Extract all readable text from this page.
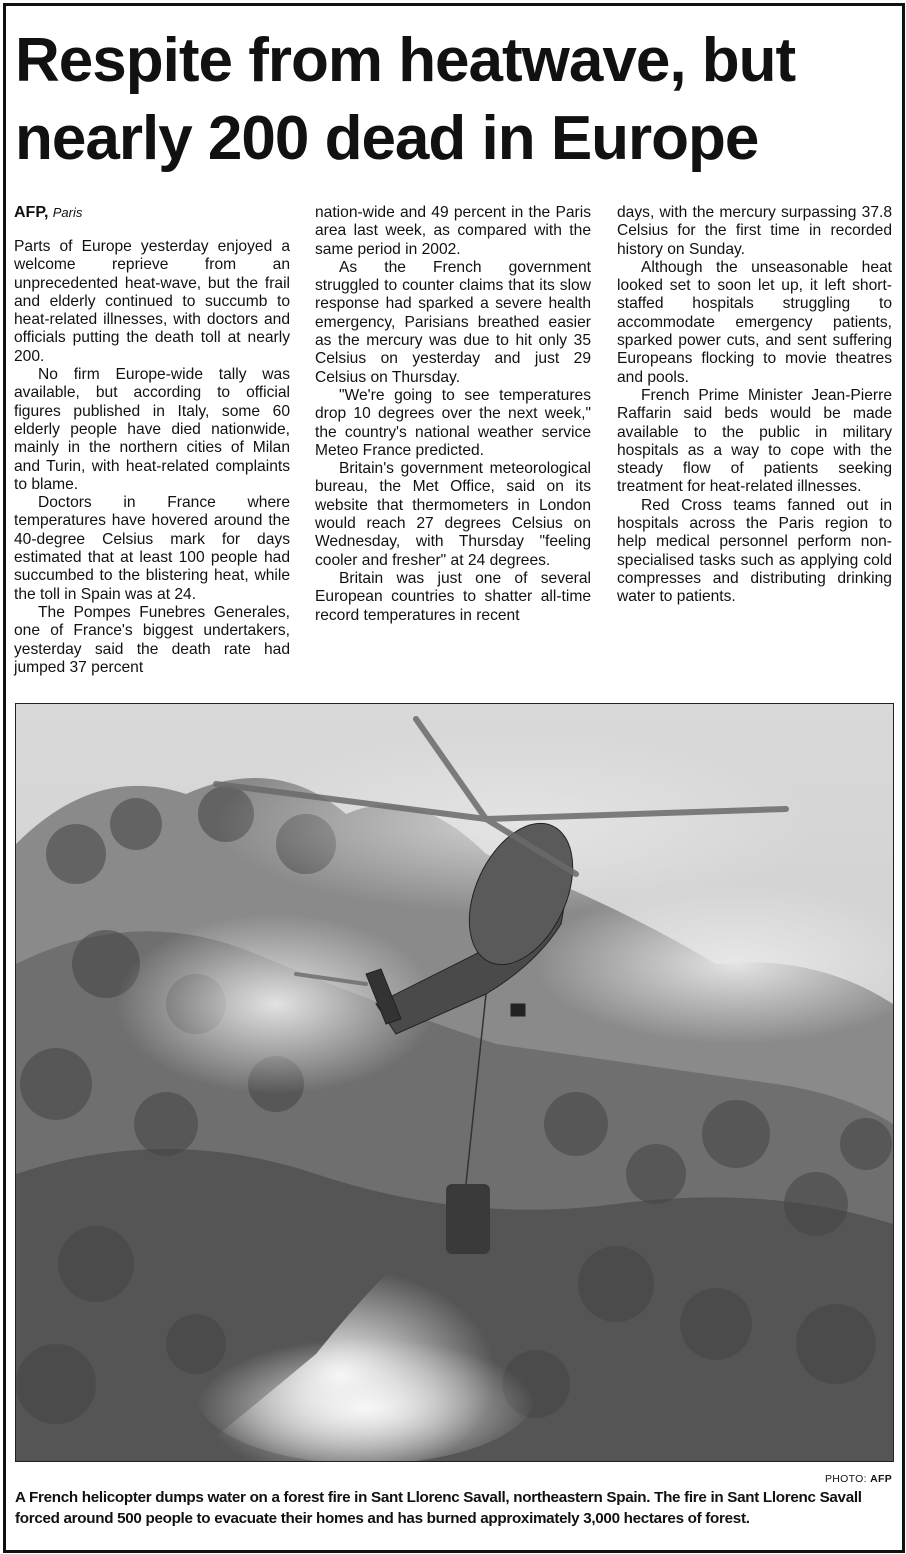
Respite from heatwave, but
nearly 200 dead in Europe
AFP, Paris

Parts of Europe yesterday enjoyed a welcome reprieve from an unprecedented heat-wave, but the frail and elderly continued to succumb to heat-related illnesses, with doctors and officials putting the death toll at nearly 200.

No firm Europe-wide tally was available, but according to official figures published in Italy, some 60 elderly people have died nationwide, mainly in the northern cities of Milan and Turin, with heat-related complaints to blame.

Doctors in France where temperatures have hovered around the 40-degree Celsius mark for days estimated that at least 100 people had succumbed to the blistering heat, while the toll in Spain was at 24.

The Pompes Funebres Generales, one of France's biggest undertakers, yesterday said the death rate had jumped 37 percent

nation-wide and 49 percent in the Paris area last week, as compared with the same period in 2002.

As the French government struggled to counter claims that its slow response had sparked a severe health emergency, Parisians breathed easier as the mercury was due to hit only 35 Celsius on yesterday and just 29 Celsius on Thursday.

"We're going to see temperatures drop 10 degrees over the next week," the country's national weather service Meteo France predicted.

Britain's government meteorological bureau, the Met Office, said on its website that thermometers in London would reach 27 degrees Celsius on Wednesday, with Thursday "feeling cooler and fresher" at 24 degrees.

Britain was just one of several European countries to shatter all-time record temperatures in recent

days, with the mercury surpassing 37.8 Celsius for the first time in recorded history on Sunday.

Although the unseasonable heat looked set to soon let up, it left short-staffed hospitals struggling to accommodate emergency patients, sparked power cuts, and sent suffering Europeans flocking to movie theatres and pools.

French Prime Minister Jean-Pierre Raffarin said beds would be made available to the public in military hospitals as a way to cope with the steady flow of patients seeking treatment for heat-related illnesses.

Red Cross teams fanned out in hospitals across the Paris region to help medical personnel perform non-specialised tasks such as applying cold compresses and distributing drinking water to patients.

PHOTO: AFP

A French helicopter dumps water on a forest fire in Sant Llorenc Savall, northeastern Spain. The fire in Sant Llorenc Savall forced around 500 people to evacuate their homes and has burned approximately 3,000 hectares of forest.
